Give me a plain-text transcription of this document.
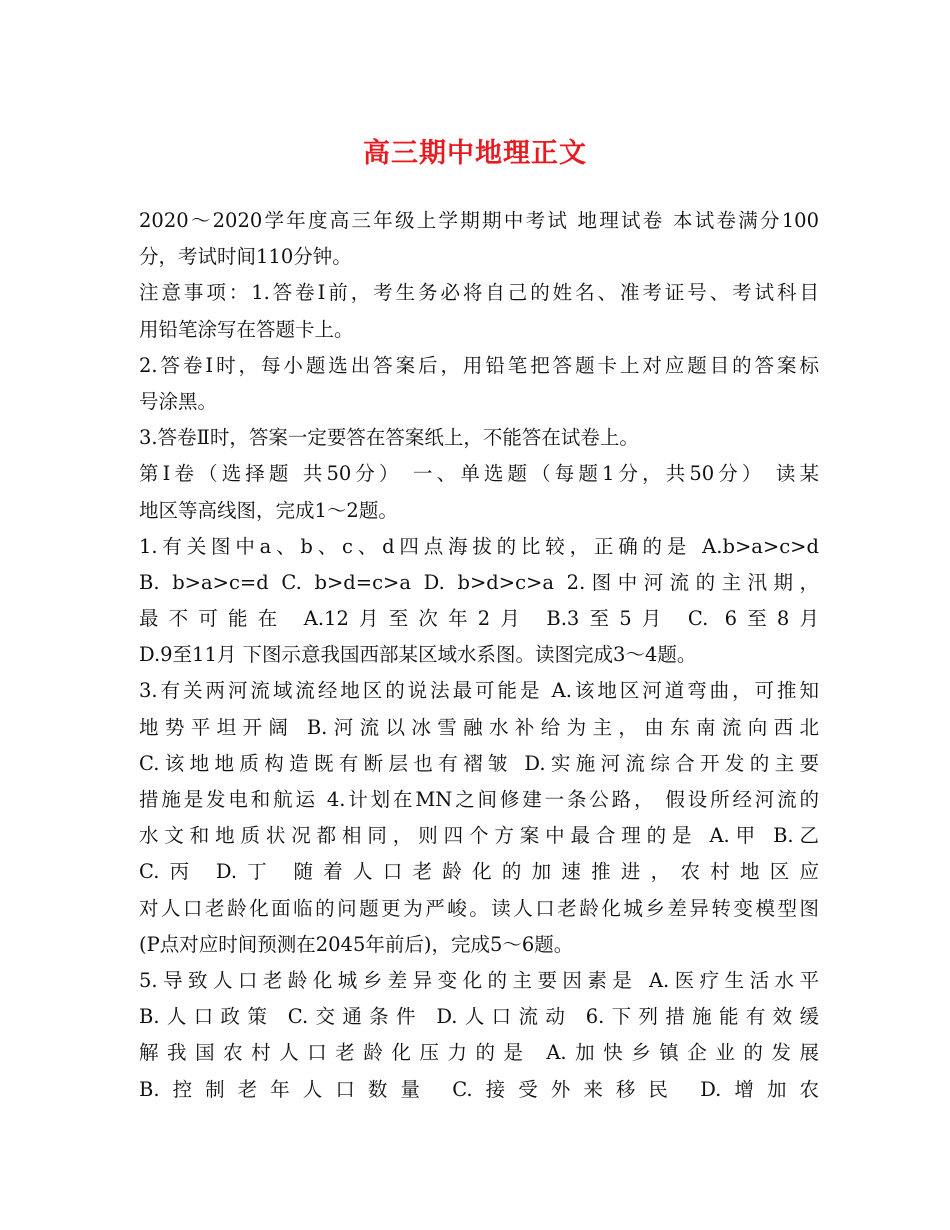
高三期中地理正文
2020～2020学年度高三年级上学期期中考试 地理试卷 本试卷满分100
分，考试时间110分钟。
注意事项：1.答卷Ⅰ前，考生务必将自己的姓名、准考证号、考试科目
用铅笔涂写在答题卡上。
2.答卷Ⅰ时，每小题选出答案后，用铅笔把答题卡上对应题目的答案标
号涂黑。
3.答卷Ⅱ时，答案一定要答在答案纸上，不能答在试卷上。
第Ⅰ卷（选择题 共50分） 一、单选题（每题1分，共50分） 读某
地区等高线图，完成1～2题。
1.有关图中a、b、c、d四点海拔的比较，正确的是 A.b>a>c>d
B. b>a>c=d C. b>d=c>a D. b>d>c>a 2.图中河流的主汛期，
最不可能在 A.12月至次年2月 B.3至5月 C. 6至8月
D.9至11月 下图示意我国西部某区域水系图。读图完成3～4题。
3.有关两河流域流经地区的说法最可能是 A.该地区河道弯曲，可推知
地势平坦开阔 B.河流以冰雪融水补给为主，由东南流向西北
C.该地地质构造既有断层也有褶皱 D.实施河流综合开发的主要
措施是发电和航运 4.计划在MN之间修建一条公路， 假设所经河流的
水文和地质状况都相同，则四个方案中最合理的是 A.甲 B.乙
C.丙 D.丁 随着人口老龄化的加速推进，农村地区应
对人口老龄化面临的问题更为严峻。读人口老龄化城乡差异转变模型图
(P点对应时间预测在2045年前后)，完成5～6题。
5.导致人口老龄化城乡差异变化的主要因素是 A.医疗生活水平
B.人口政策 C.交通条件 D.人口流动 6.下列措施能有效缓
解我国农村人口老龄化压力的是 A.加快乡镇企业的发展
B.控制老年人口数量 C.接受外来移民 D.增加农
